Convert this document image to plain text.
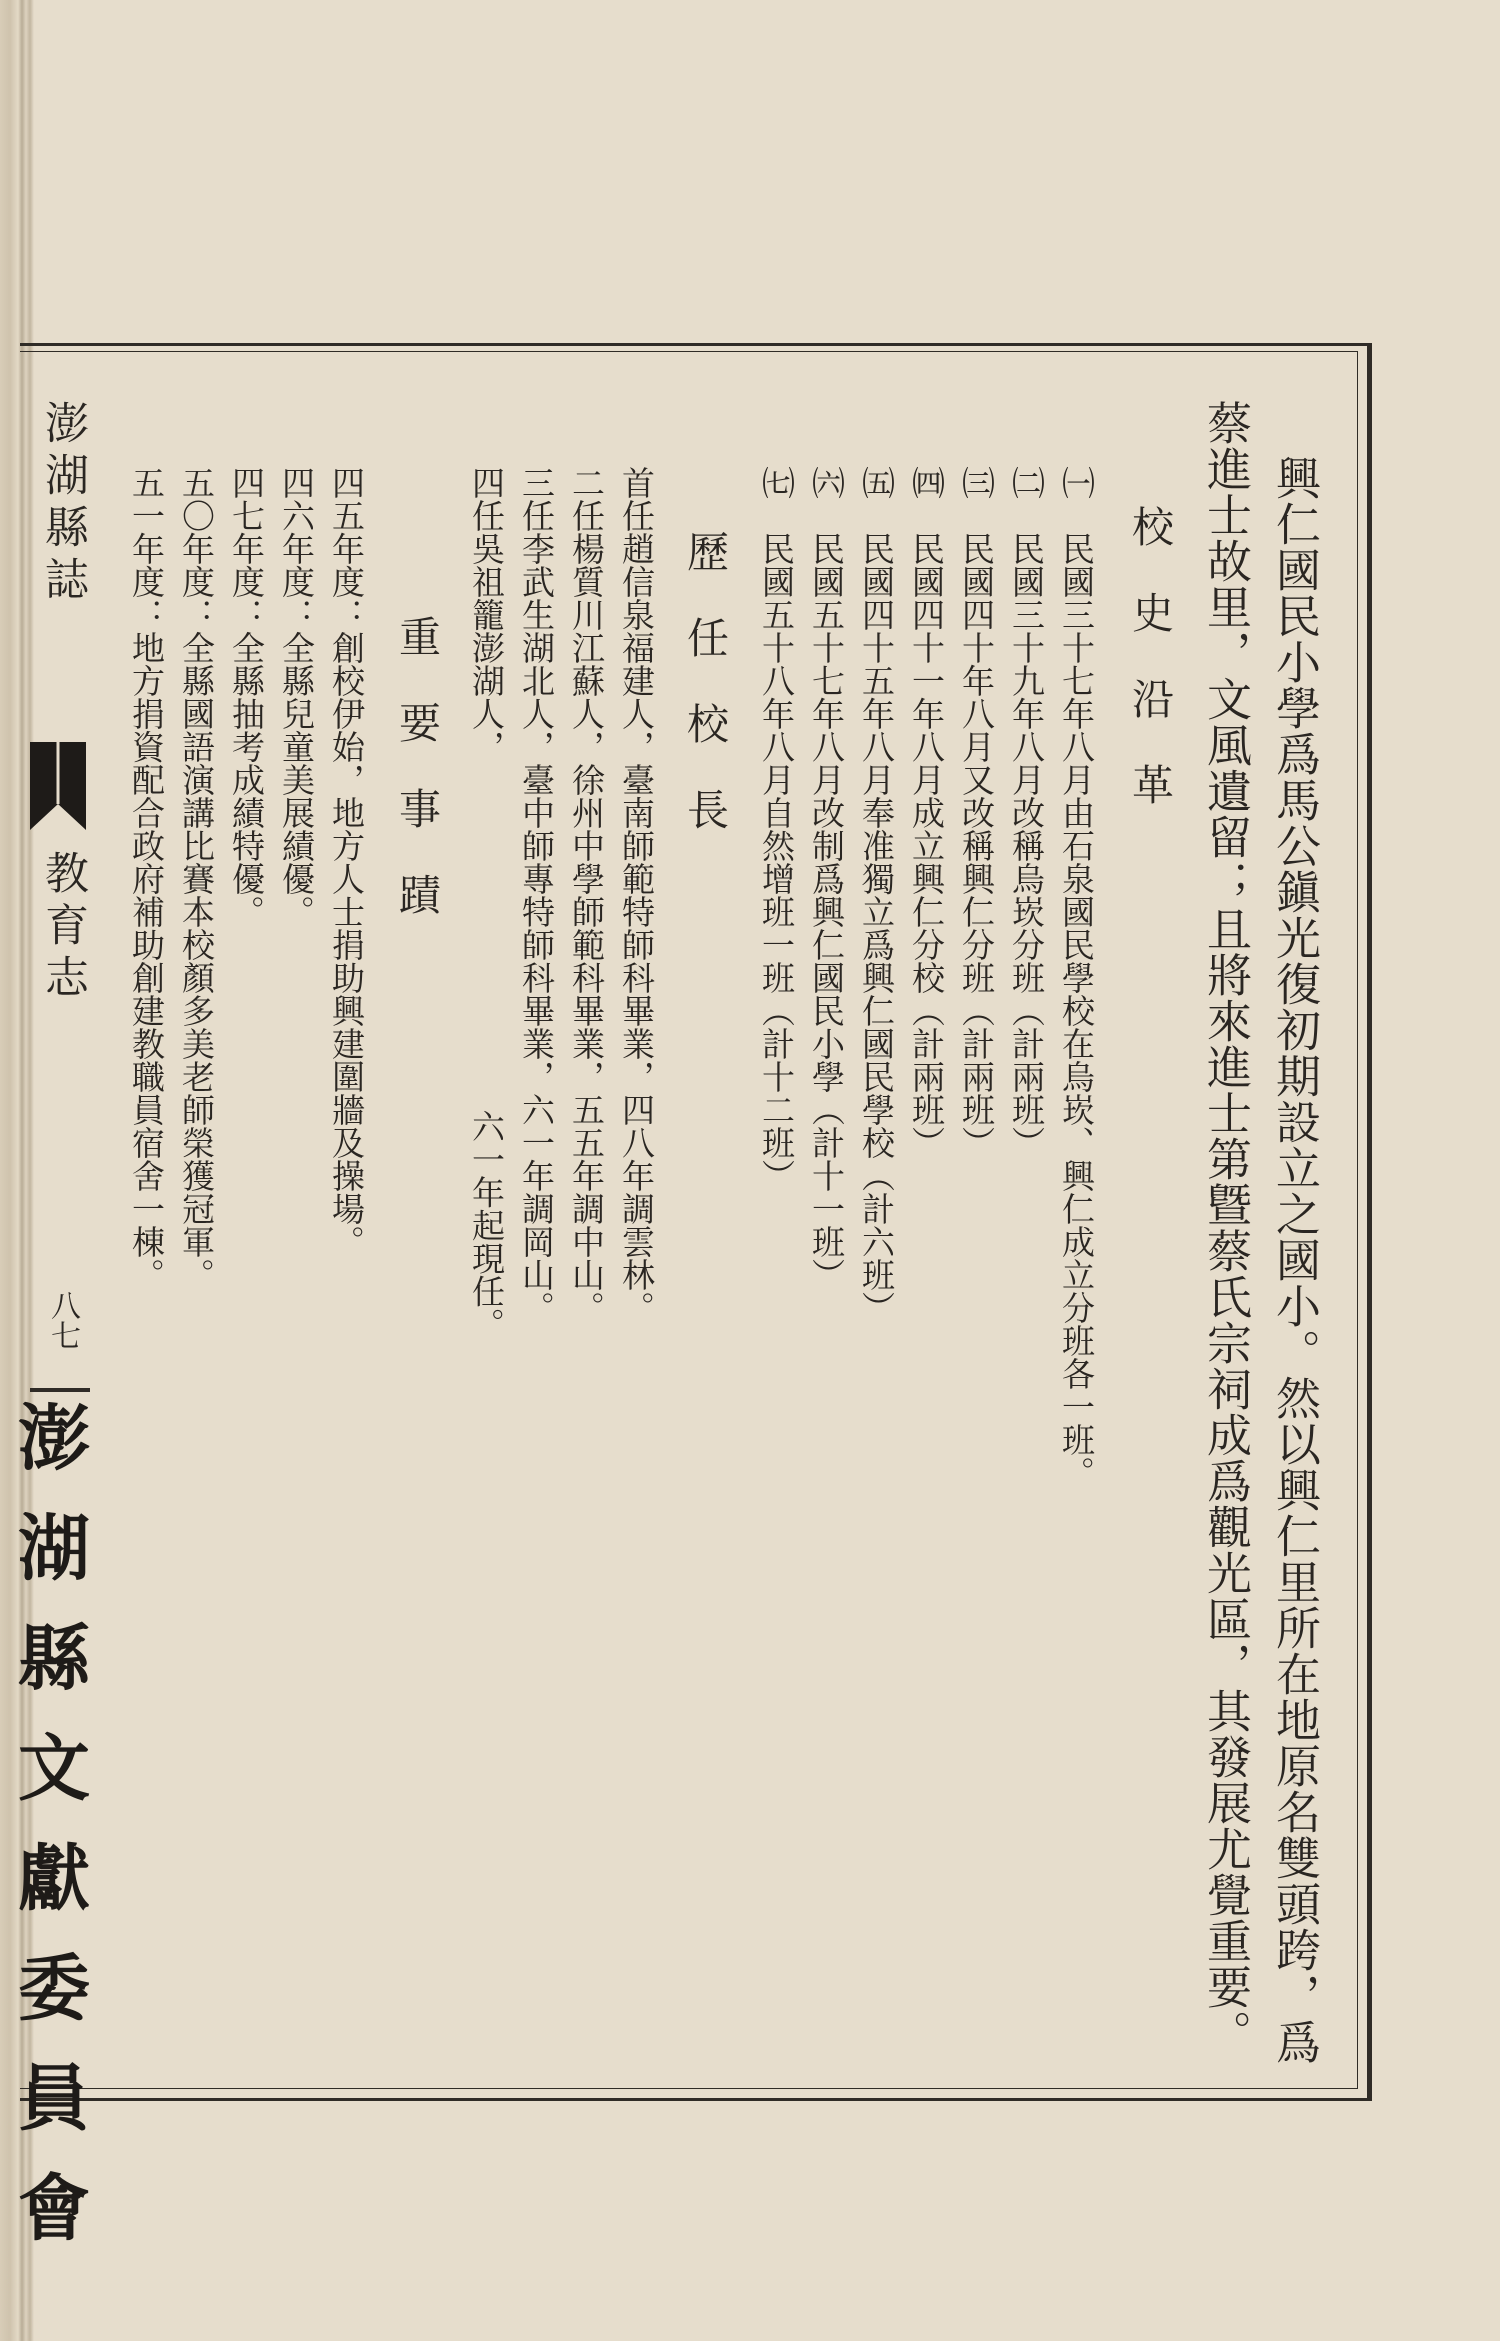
興仁國民小學爲馬公鎭光復初期設立之國小。然以興仁里所在地原名雙頭跨，爲
蔡進士故里，文風遺留；且將來進士第曁蔡氏宗祠成爲觀光區，其發展尤覺重要。
校史沿革
㈠　民國三十七年八月由石泉國民學校在烏崁、興仁成立分班各一班。
㈡　民國三十九年八月改稱烏崁分班（計兩班）
㈢　民國四十年八月又改稱興仁分班（計兩班）
㈣　民國四十一年八月成立興仁分校（計兩班）
㈤　民國四十五年八月奉准獨立爲興仁國民學校（計六班）
㈥　民國五十七年八月改制爲興仁國民小學（計十一班）
㈦　民國五十八年八月自然增班一班（計十二班）
歷任校長
首任趙信泉福建人，臺南師範特師科畢業，四八年調雲林。
二任楊質川江蘇人，徐州中學師範科畢業，五五年調中山。
三任李武生湖北人，臺中師專特師科畢業，六一年調岡山。
四任吳祖籠澎湖人，　　　　　　　　　　　六一年起現任。
重要事蹟
四五年度：創校伊始，地方人士捐助興建圍牆及操場。
四六年度：全縣兒童美展績優。
四七年度：全縣抽考成績特優。
五〇年度：全縣國語演講比賽本校顏多美老師榮獲冠軍。
五一年度：地方捐資配合政府補助創建教職員宿舍一棟。
澎湖縣誌
教育志
八七
澎湖縣文獻委員會
